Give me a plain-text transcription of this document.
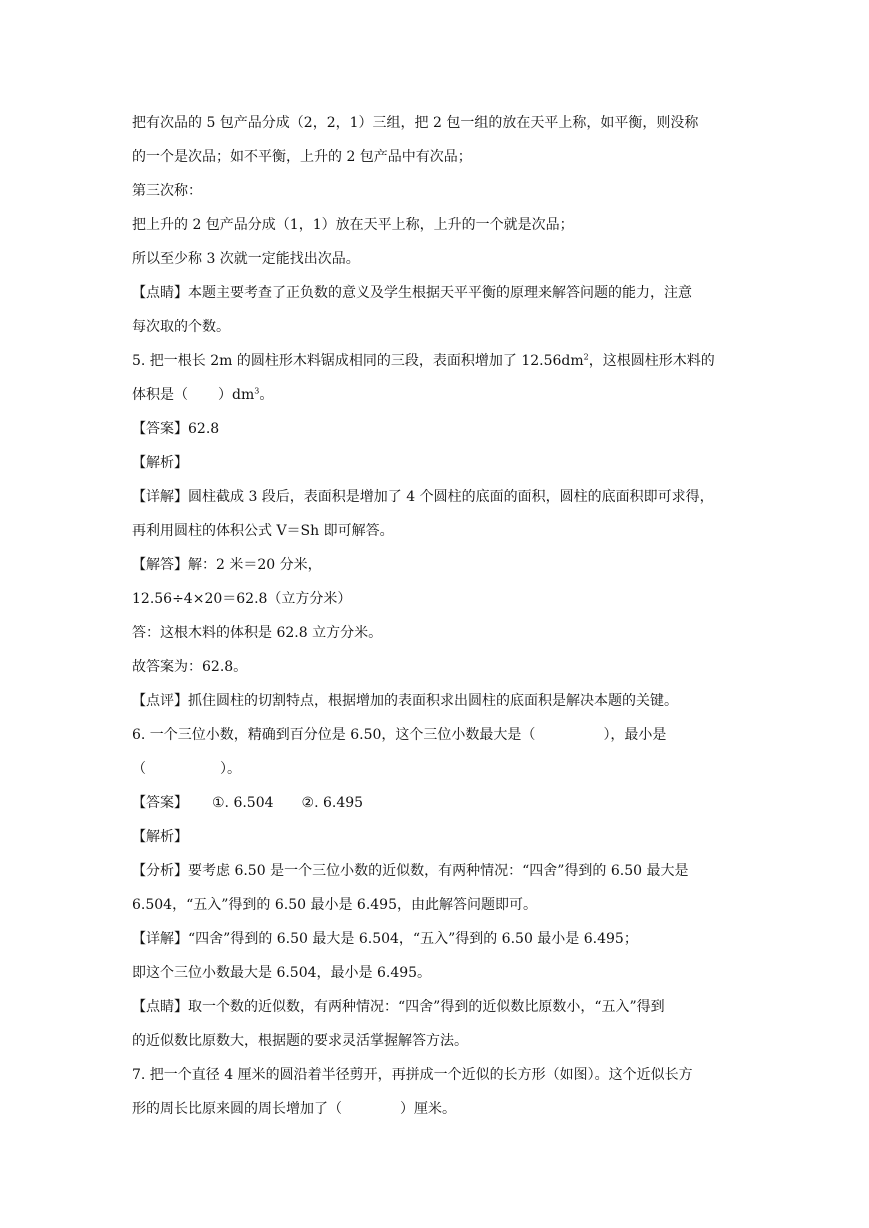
把有次品的 5 包产品分成（2，2，1）三组，把 2 包一组的放在天平上称，如平衡，则没称
的一个是次品；如不平衡，上升的 2 包产品中有次品；
第三次称：
把上升的 2 包产品分成（1，1）放在天平上称，上升的一个就是次品；
所以至少称 3 次就一定能找出次品。
【点睛】本题主要考查了正负数的意义及学生根据天平平衡的原理来解答问题的能力，注意
每次取的个数。
5. 把一根长 2m 的圆柱形木料锯成相同的三段，表面积增加了 $12.56dm^2$，这根圆柱形木料的
体积是（ ）$dm^3$。
【答案】62.8
【解析】
【详解】圆柱截成 3 段后，表面积是增加了 4 个圆柱的底面的面积，圆柱的底面积即可求得，
再利用圆柱的体积公式 V＝Sh 即可解答。
【解答】解：2 米＝20 分米，
12.56÷4×20＝62.8（立方分米）
答：这根木料的体积是 62.8 立方分米。
故答案为：62.8。
【点评】抓住圆柱的切割特点，根据增加的表面积求出圆柱的底面积是解决本题的关键。
6. 一个三位小数，精确到百分位是 6.50，这个三位小数最大是（	），最小是
（	）。
【答案】 ①. 6.504 ②. 6.495
【解析】
【分析】要考虑 6.50 是一个三位小数的近似数，有两种情况：“四舍”得到的 6.50 最大是
6.504，“五入”得到的 6.50 最小是 6.495，由此解答问题即可。
【详解】“四舍”得到的 6.50 最大是 6.504，“五入”得到的 6.50 最小是 6.495；
即这个三位小数最大是 6.504，最小是 6.495。
【点睛】取一个数的近似数，有两种情况：“四舍”得到的近似数比原数小，“五入”得到
的近似数比原数大，根据题的要求灵活掌握解答方法。
7. 把一个直径 4 厘米的圆沿着半径剪开，再拼成一个近似的长方形（如图）。这个近似长方
形的周长比原来圆的周长增加了（	）厘米。
